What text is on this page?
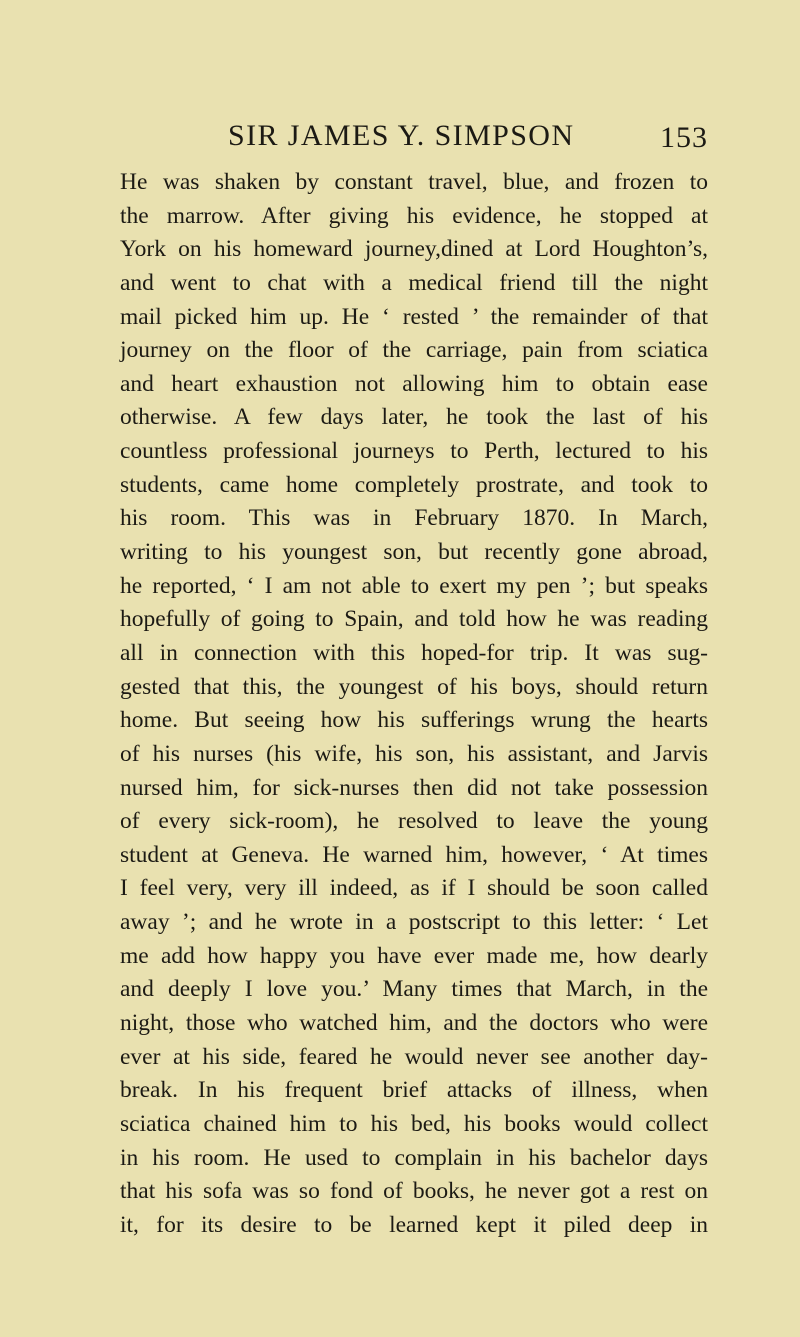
SIR JAMES Y. SIMPSON	153
He was shaken by constant travel, blue, and frozen to
the marrow. After giving his evidence, he stopped at
York on his homeward journey,dined at Lord Houghton’s,
and went to chat with a medical friend till the night
mail picked him up. He ‘ rested ’ the remainder of that
journey on the floor of the carriage, pain from sciatica
and heart exhaustion not allowing him to obtain ease
otherwise. A few days later, he took the last of his
countless professional journeys to Perth, lectured to his
students, came home completely prostrate, and took to
his room. This was in February 1870. In March,
writing to his youngest son, but recently gone abroad,
he reported, ‘ I am not able to exert my pen ’; but speaks
hopefully of going to Spain, and told how he was reading
all in connection with this hoped-for trip. It was sug-
gested that this, the youngest of his boys, should return
home. But seeing how his sufferings wrung the hearts
of his nurses (his wife, his son, his assistant, and Jarvis
nursed him, for sick-nurses then did not take possession
of every sick-room), he resolved to leave the young
student at Geneva. He warned him, however, ‘ At times
I feel very, very ill indeed, as if I should be soon called
away ’; and he wrote in a postscript to this letter: ‘ Let
me add how happy you have ever made me, how dearly
and deeply I love you.’ Many times that March, in the
night, those who watched him, and the doctors who were
ever at his side, feared he would never see another day-
break. In his frequent brief attacks of illness, when
sciatica chained him to his bed, his books would collect
in his room. He used to complain in his bachelor days
that his sofa was so fond of books, he never got a rest on
it, for its desire to be learned kept it piled deep in
